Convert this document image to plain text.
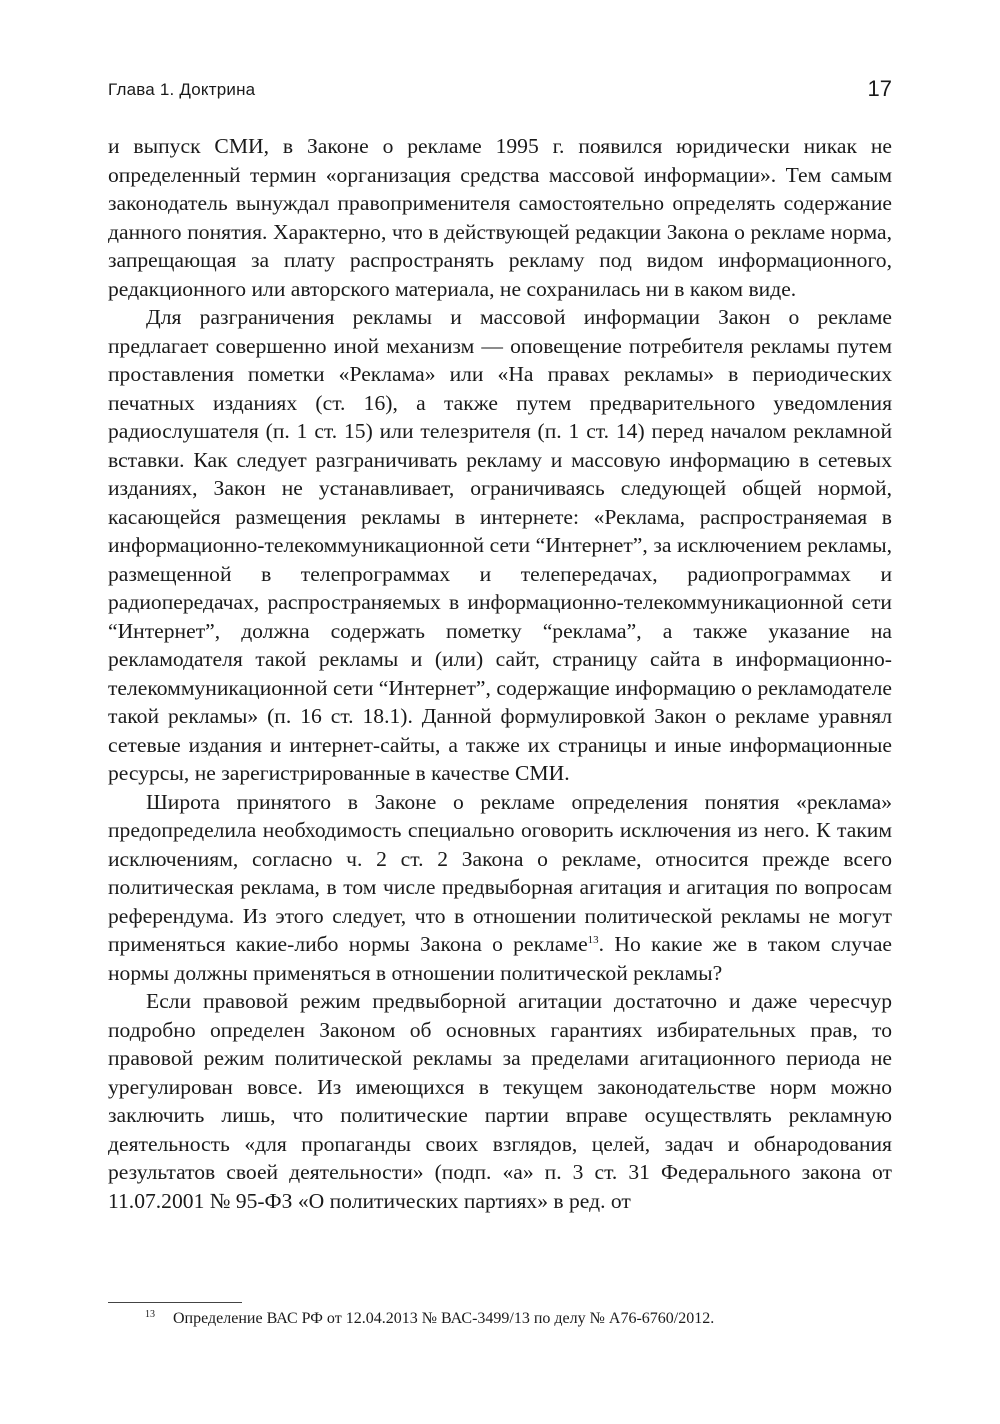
Глава 1. Доктрина	17

и выпуск СМИ, в Законе о рекламе 1995 г. появился юридически никак не определенный термин «организация средства массовой информации». Тем самым законодатель вынуждал правоприменителя самостоятельно определять содержание данного понятия. Характерно, что в действующей редакции Закона о рекламе норма, запрещающая за плату распространять рекламу под видом информационного, редакционного или авторского материала, не сохранилась ни в каком виде.

Для разграничения рекламы и массовой информации Закон о рекламе предлагает совершенно иной механизм — оповещение потребителя рекламы путем проставления пометки «Реклама» или «На правах рекламы» в периодических печатных изданиях (ст. 16), а также путем предварительного уведомления радиослушателя (п. 1 ст. 15) или телезрителя (п. 1 ст. 14) перед началом рекламной вставки. Как следует разграничивать рекламу и массовую информацию в сетевых изданиях, Закон не устанавливает, ограничиваясь следующей общей нормой, касающейся размещения рекламы в интернете: «Реклама, распространяемая в информационно-телекоммуникационной сети “Интернет”, за исключением рекламы, размещенной в телепрограммах и телепередачах, радиопрограммах и радиопередачах, распространяемых в информационно-телекоммуникационной сети “Интернет”, должна содержать пометку “реклама”, а также указание на рекламодателя такой рекламы и (или) сайт, страницу сайта в информационно-телекоммуникационной сети “Интернет”, содержащие информацию о рекламодателе такой рекламы» (п. 16 ст. 18.1). Данной формулировкой Закон о рекламе уравнял сетевые издания и интернет-сайты, а также их страницы и иные информационные ресурсы, не зарегистрированные в качестве СМИ.

Широта принятого в Законе о рекламе определения понятия «реклама» предопределила необходимость специально оговорить исключения из него. К таким исключениям, согласно ч. 2 ст. 2 Закона о рекламе, относится прежде всего политическая реклама, в том числе предвыборная агитация и агитация по вопросам референдума. Из этого следует, что в отношении политической рекламы не могут применяться какие-либо нормы Закона о рекламе$^{13}$. Но какие же в таком случае нормы должны применяться в отношении политической рекламы?

Если правовой режим предвыборной агитации достаточно и даже чересчур подробно определен Законом об основных гарантиях избирательных прав, то правовой режим политической рекламы за пределами агитационного периода не урегулирован вовсе. Из имеющихся в текущем законодательстве норм можно заключить лишь, что политические партии вправе осуществлять рекламную деятельность «для пропаганды своих взглядов, целей, задач и обнародования результатов своей деятельности» (подп. «а» п. 3 ст. 31 Федерального закона от 11.07.2001 № 95-ФЗ «О политических партиях» в ред. от

$^{13}$ Определение ВАС РФ от 12.04.2013 № ВАС-3499/13 по делу № А76-6760/2012.
